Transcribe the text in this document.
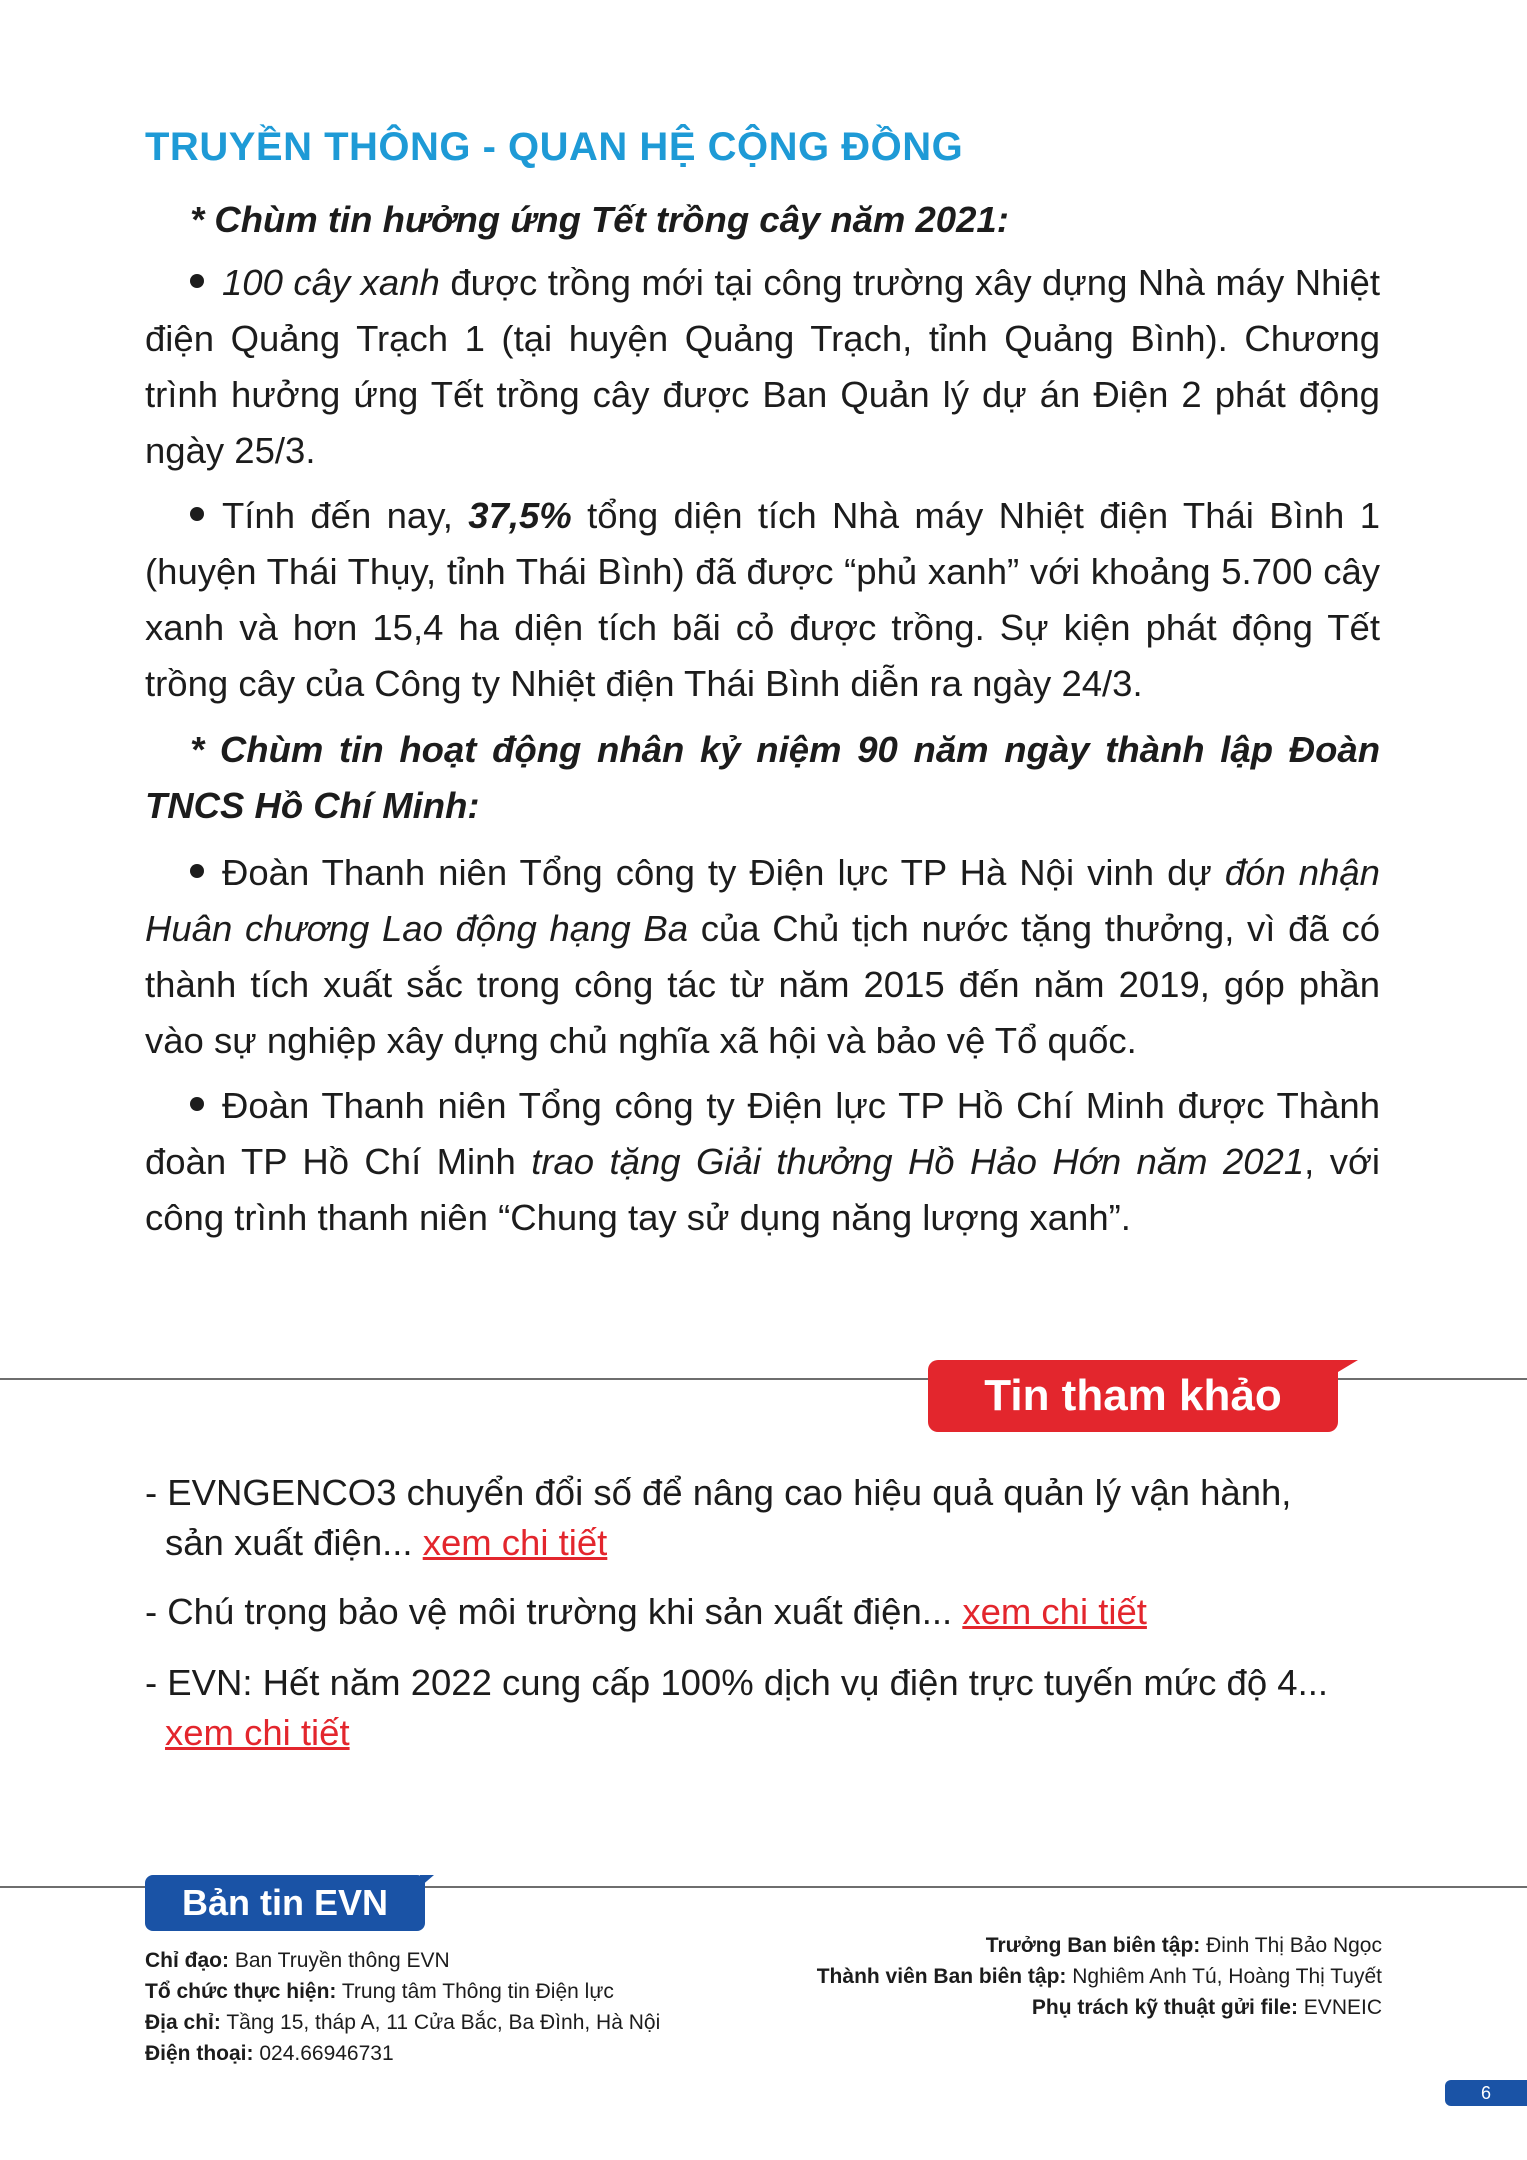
TRUYỀN THÔNG - QUAN HỆ CỘNG ĐỒNG
* Chùm tin hưởng ứng Tết trồng cây năm 2021:
100 cây xanh được trồng mới tại công trường xây dựng Nhà máy Nhiệt điện Quảng Trạch 1 (tại huyện Quảng Trạch, tỉnh Quảng Bình). Chương trình hưởng ứng Tết trồng cây được Ban Quản lý dự án Điện 2 phát động ngày 25/3.
Tính đến nay, 37,5% tổng diện tích Nhà máy Nhiệt điện Thái Bình 1 (huyện Thái Thụy, tỉnh Thái Bình) đã được “phủ xanh” với khoảng 5.700 cây xanh và hơn 15,4 ha diện tích bãi cỏ được trồng. Sự kiện phát động Tết trồng cây của Công ty Nhiệt điện Thái Bình diễn ra ngày 24/3.
* Chùm tin hoạt động nhân kỷ niệm 90 năm ngày thành lập Đoàn TNCS Hồ Chí Minh:
Đoàn Thanh niên Tổng công ty Điện lực TP Hà Nội vinh dự đón nhận Huân chương Lao động hạng Ba của Chủ tịch nước tặng thưởng, vì đã có thành tích xuất sắc trong công tác từ năm 2015 đến năm 2019, góp phần vào sự nghiệp xây dựng chủ nghĩa xã hội và bảo vệ Tổ quốc.
Đoàn Thanh niên Tổng công ty Điện lực TP Hồ Chí Minh được Thành đoàn TP Hồ Chí Minh trao tặng Giải thưởng Hồ Hảo Hớn năm 2021, với công trình thanh niên “Chung tay sử dụng năng lượng xanh”.
Tin tham khảo
- EVNGENCO3 chuyển đổi số để nâng cao hiệu quả quản lý vận hành,
sản xuất điện... xem chi tiết
- Chú trọng bảo vệ môi trường khi sản xuất điện... xem chi tiết
- EVN: Hết năm 2022 cung cấp 100% dịch vụ điện trực tuyến mức độ 4...
xem chi tiết
Bản tin EVN
Chỉ đạo: Ban Truyền thông EVN
Tổ chức thực hiện: Trung tâm Thông tin Điện lực
Địa chỉ: Tầng 15, tháp A, 11 Cửa Bắc, Ba Đình, Hà Nội
Điện thoại: 024.66946731
Trưởng Ban biên tập: Đinh Thị Bảo Ngọc
Thành viên Ban biên tập: Nghiêm Anh Tú, Hoàng Thị Tuyết
Phụ trách kỹ thuật gửi file: EVNEIC
6
